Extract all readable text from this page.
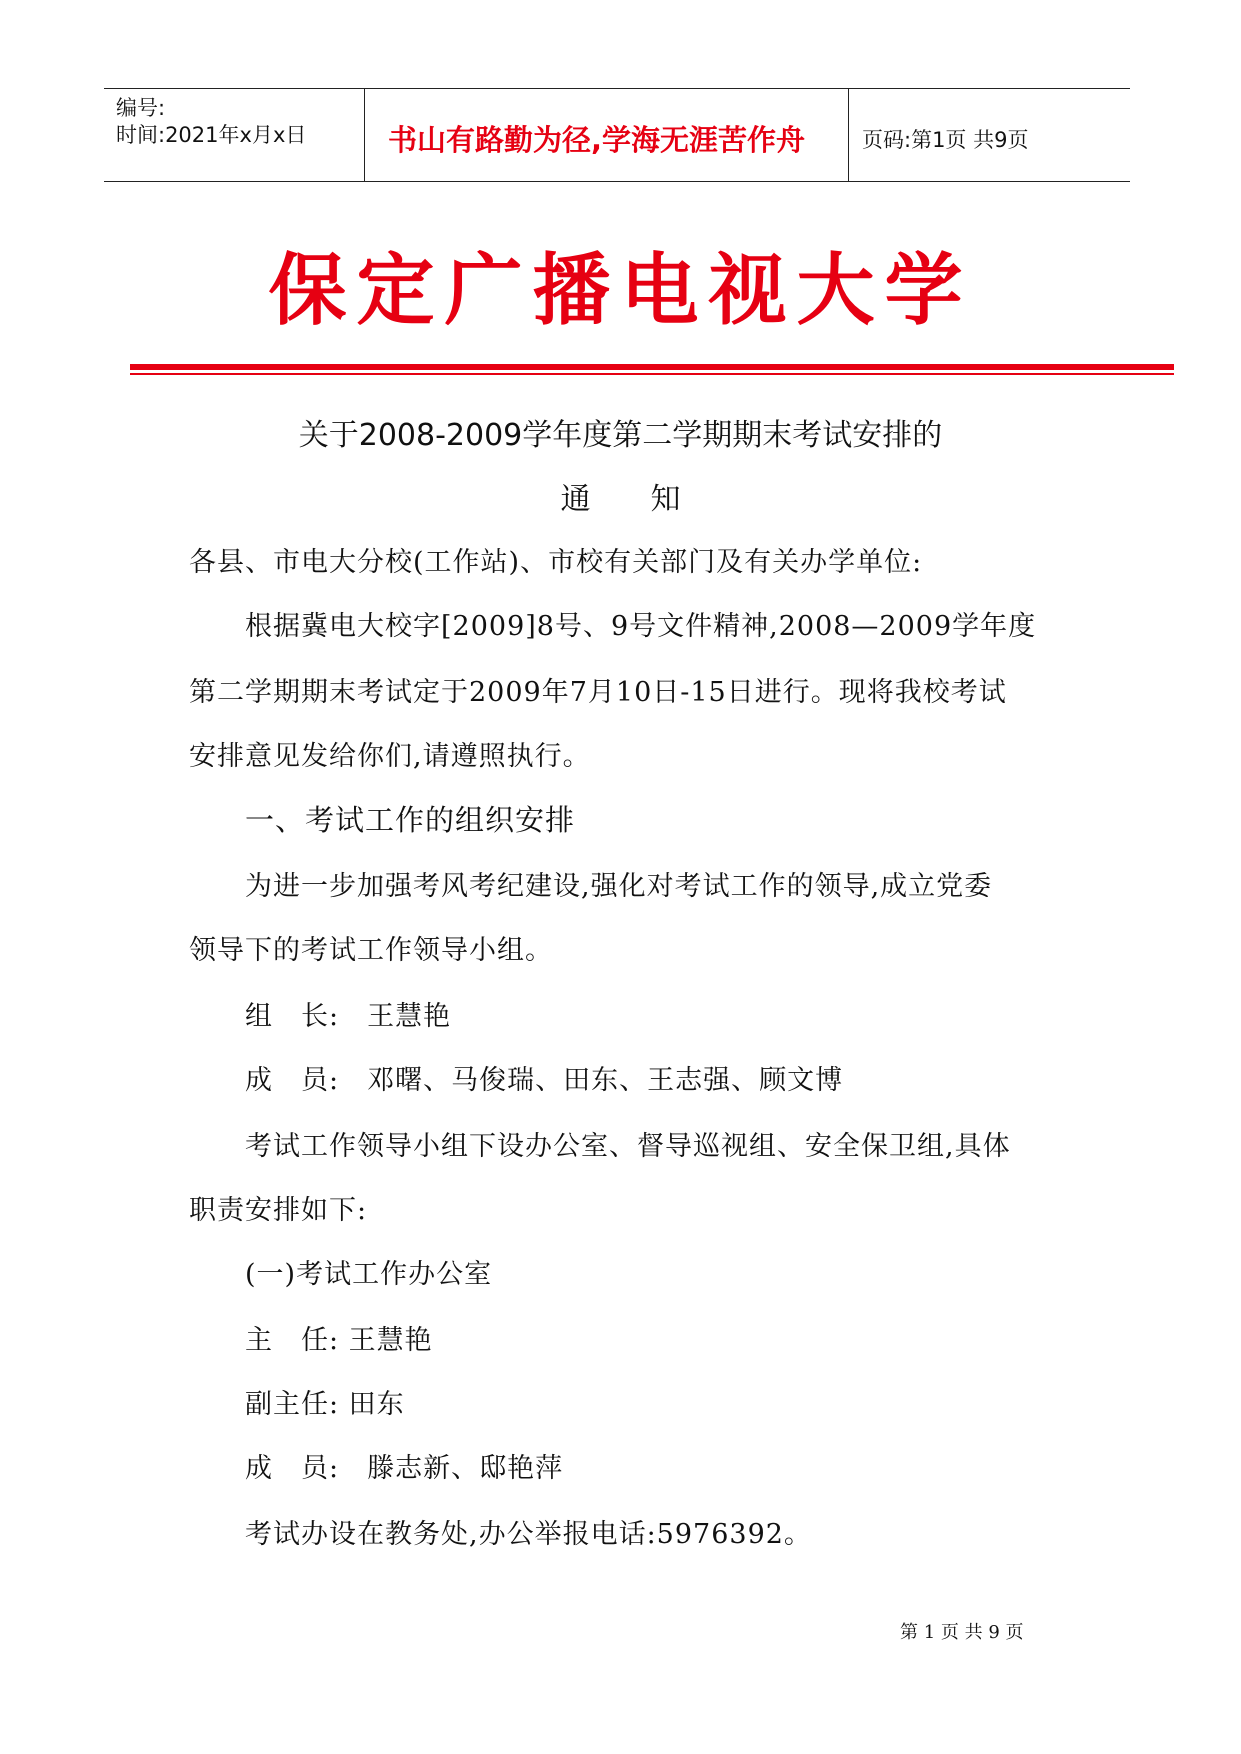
编号:
时间:2021年x月x日	书山有路勤为径,学海无涯苦作舟	页码:第1页 共9页
保定广播电视大学
关于2008-2009学年度第二学期期末考试安排的
通　　知
各县、市电大分校(工作站)、市校有关部门及有关办学单位:
根据冀电大校字[2009]8号、9号文件精神,2008—2009学年度
第二学期期末考试定于2009年7月10日-15日进行。现将我校考试
安排意见发给你们,请遵照执行。
一、考试工作的组织安排
为进一步加强考风考纪建设,强化对考试工作的领导,成立党委
领导下的考试工作领导小组。
组　长:　王慧艳
成　员:　邓曙、马俊瑞、田东、王志强、顾文博
考试工作领导小组下设办公室、督导巡视组、安全保卫组,具体
职责安排如下:
(一)考试工作办公室
主　任: 王慧艳
副主任: 田东
成　员:　滕志新、邸艳萍
考试办设在教务处,办公举报电话:5976392。
第 1 页 共 9 页
